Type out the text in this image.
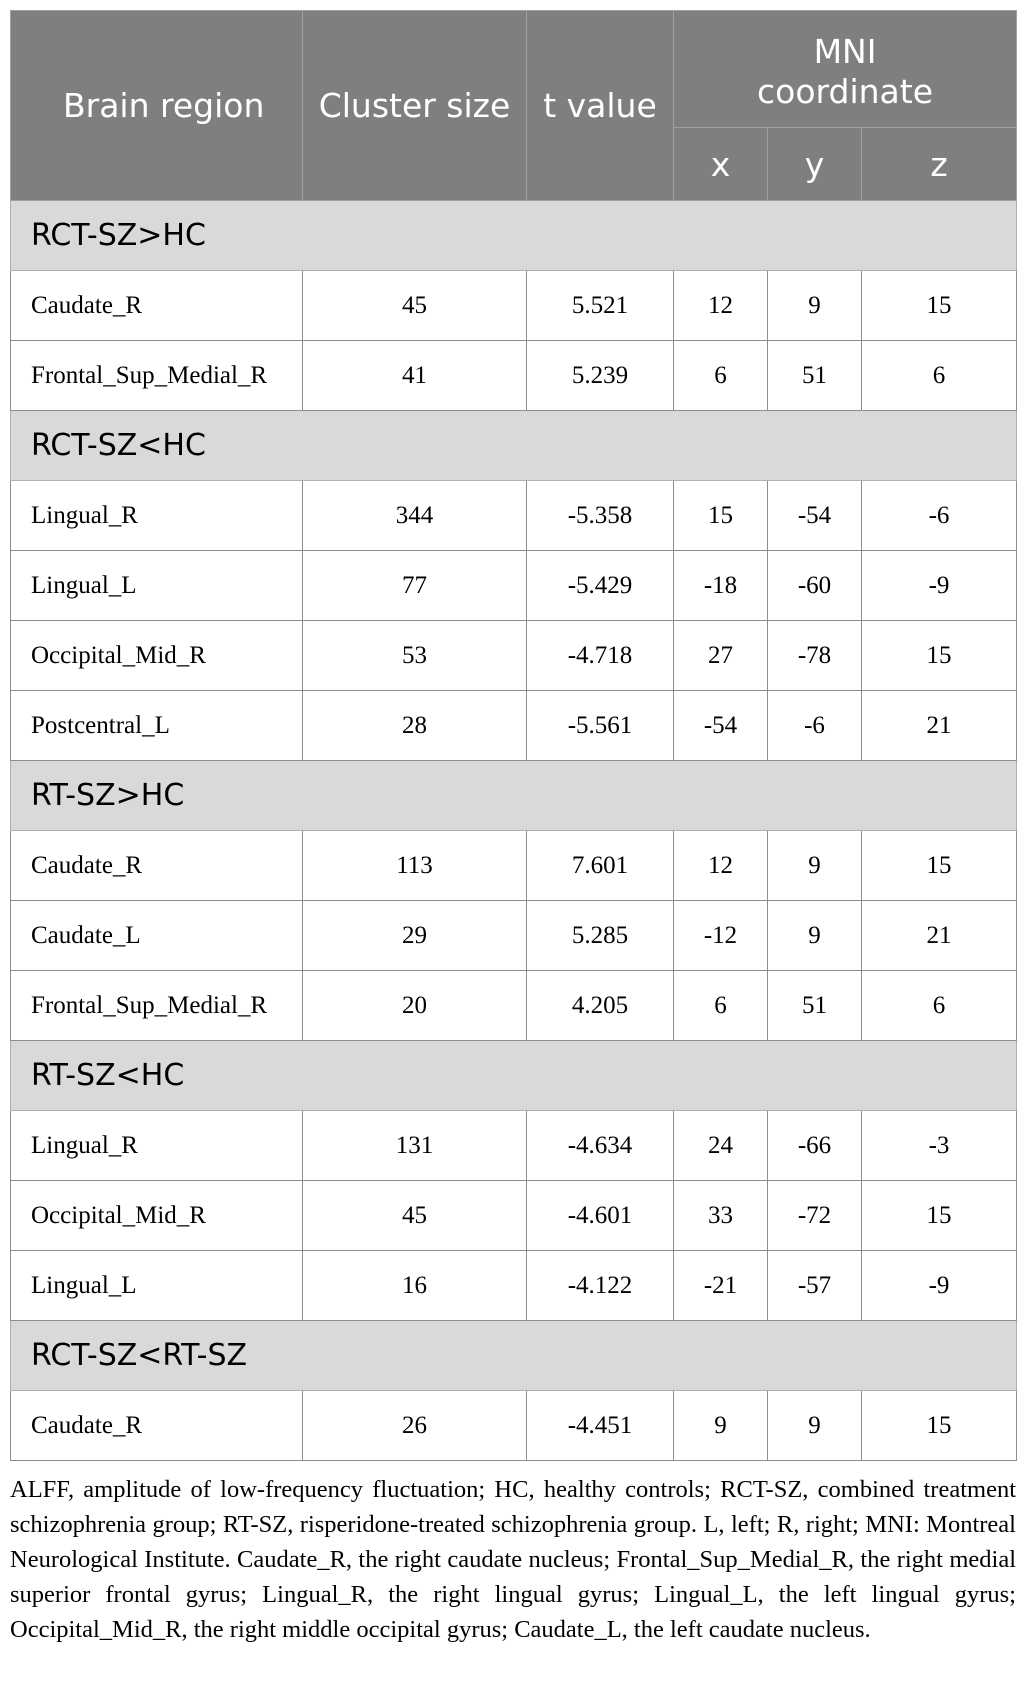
Brain region	Cluster size	t value	MNI
coordinate		
			x	y	z
RCT-SZ>HC					
Caudate_R	45	5.521	12	9	15
Frontal_Sup_Medial_R	41	5.239	6	51	6
RCT-SZ<HC					
Lingual_R	344	-5.358	15	-54	-6
Lingual_L	77	-5.429	-18	-60	-9
Occipital_Mid_R	53	-4.718	27	-78	15
Postcentral_L	28	-5.561	-54	-6	21
RT-SZ>HC					
Caudate_R	113	7.601	12	9	15
Caudate_L	29	5.285	-12	9	21
Frontal_Sup_Medial_R	20	4.205	6	51	6
RT-SZ<HC					
Lingual_R	131	-4.634	24	-66	-3
Occipital_Mid_R	45	-4.601	33	-72	15
Lingual_L	16	-4.122	-21	-57	-9
RCT-SZ<RT-SZ					
Caudate_R	26	-4.451	9	9	15

ALFF, amplitude of low-frequency fluctuation; HC, healthy controls; RCT-SZ, combined treatment schizophrenia group; RT-SZ, risperidone-treated schizophrenia group. L, left; R, right; MNI: Montreal Neurological Institute. Caudate_R, the right caudate nucleus; Frontal_Sup_Medial_R, the right medial superior frontal gyrus; Lingual_R, the right lingual gyrus; Lingual_L, the left lingual gyrus; Occipital_Mid_R, the right middle occipital gyrus; Caudate_L, the left caudate nucleus.
